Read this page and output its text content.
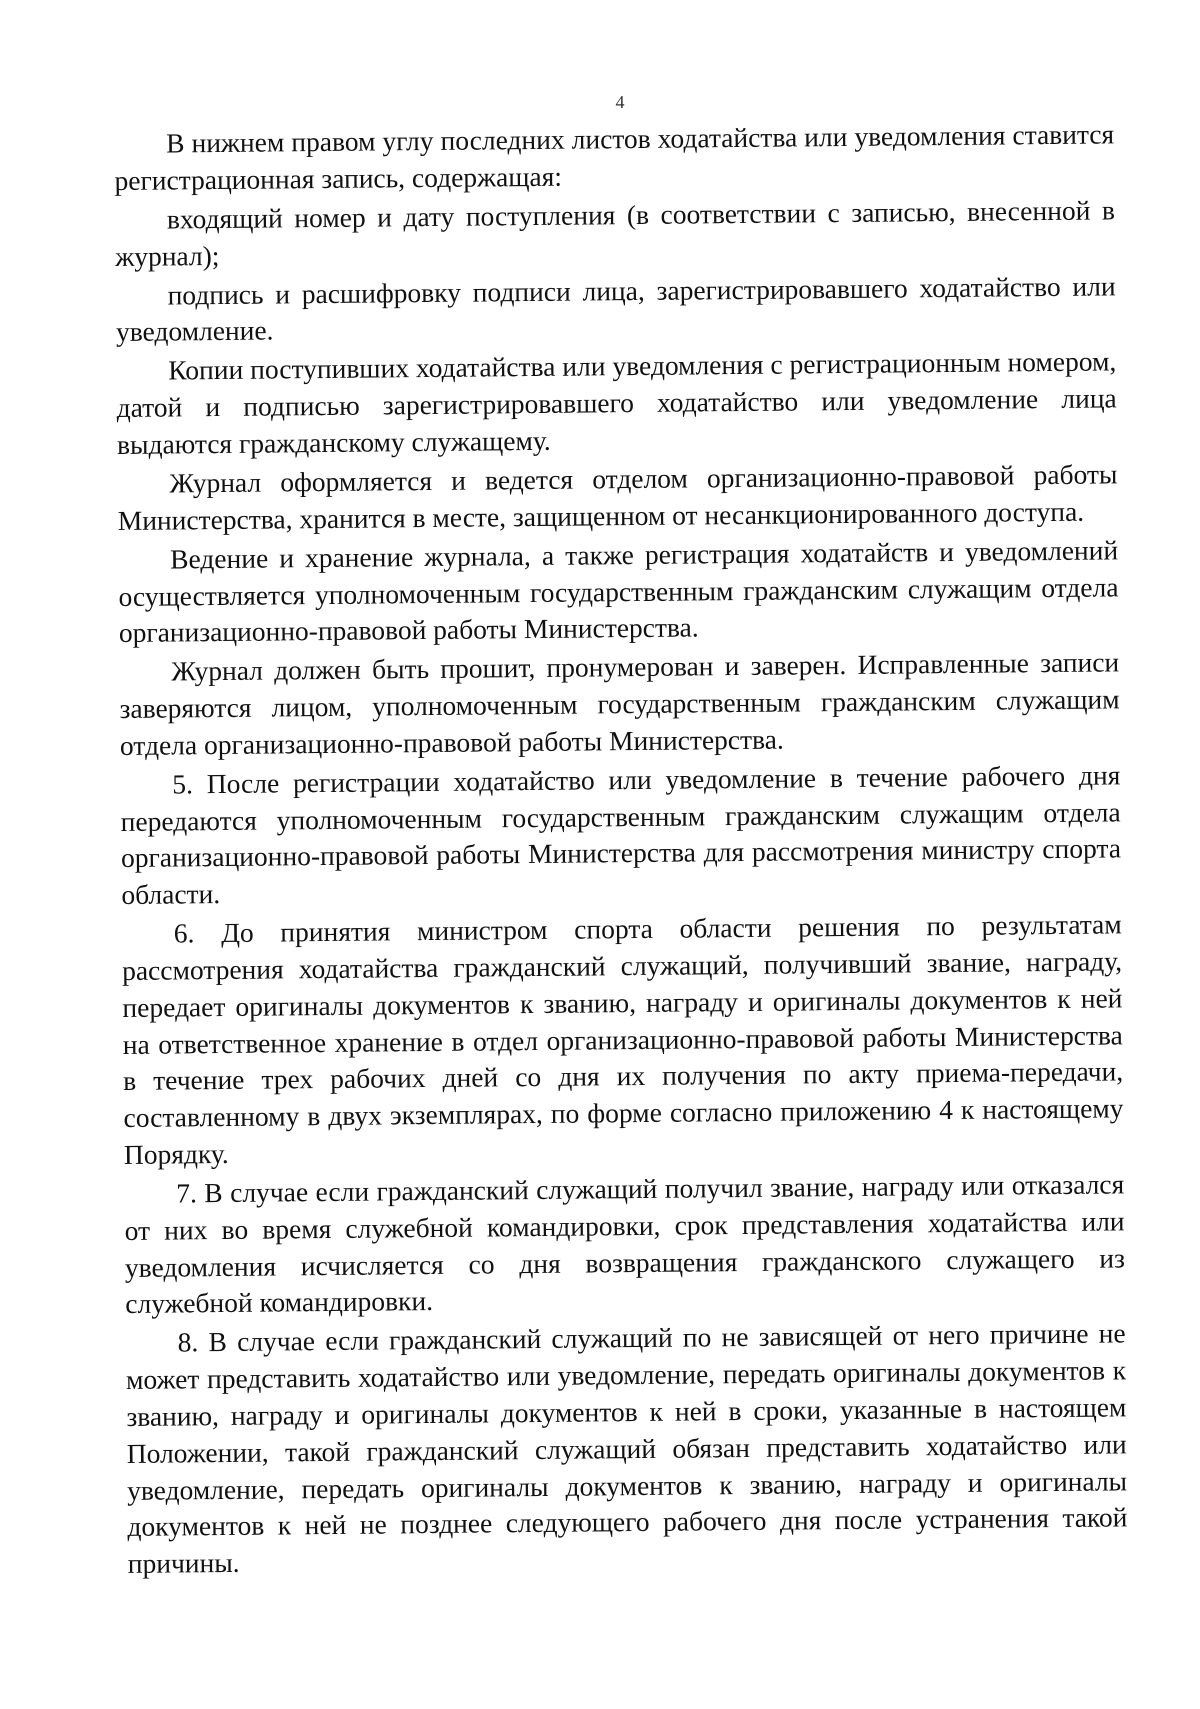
4

В нижнем правом углу последних листов ходатайства или уведомления ставится регистрационная запись, содержащая:

входящий номер и дату поступления (в соответствии с записью, внесенной в журнал);

подпись и расшифровку подписи лица, зарегистрировавшего ходатайство или уведомление.

Копии поступивших ходатайства или уведомления с регистрационным номером, датой и подписью зарегистрировавшего ходатайство или уведомление лица выдаются гражданскому служащему.

Журнал оформляется и ведется отделом организационно-правовой работы Министерства, хранится в месте, защищенном от несанкционированного доступа.

Ведение и хранение журнала, а также регистрация ходатайств и уведомлений осуществляется уполномоченным государственным гражданским служащим отдела организационно-правовой работы Министерства.

Журнал должен быть прошит, пронумерован и заверен. Исправленные записи заверяются лицом, уполномоченным государственным гражданским служащим отдела организационно-правовой работы Министерства.

5. После регистрации ходатайство или уведомление в течение рабочего дня передаются уполномоченным государственным гражданским служащим отдела организационно-правовой работы Министерства для рассмотрения министру спорта области.

6. До принятия министром спорта области решения по результатам рассмотрения ходатайства гражданский служащий, получивший звание, награду, передает оригиналы документов к званию, награду и оригиналы документов к ней на ответственное хранение в отдел организационно-правовой работы Министерства в течение трех рабочих дней со дня их получения по акту приема-передачи, составленному в двух экземплярах, по форме согласно приложению 4 к настоящему Порядку.

7. В случае если гражданский служащий получил звание, награду или отказался от них во время служебной командировки, срок представления ходатайства или уведомления исчисляется со дня возвращения гражданского служащего из служебной командировки.

8. В случае если гражданский служащий по не зависящей от него причине не может представить ходатайство или уведомление, передать оригиналы документов к званию, награду и оригиналы документов к ней в сроки, указанные в настоящем Положении, такой гражданский служащий обязан представить ходатайство или уведомление, передать оригиналы документов к званию, награду и оригиналы документов к ней не позднее следующего рабочего дня после устранения такой причины.
